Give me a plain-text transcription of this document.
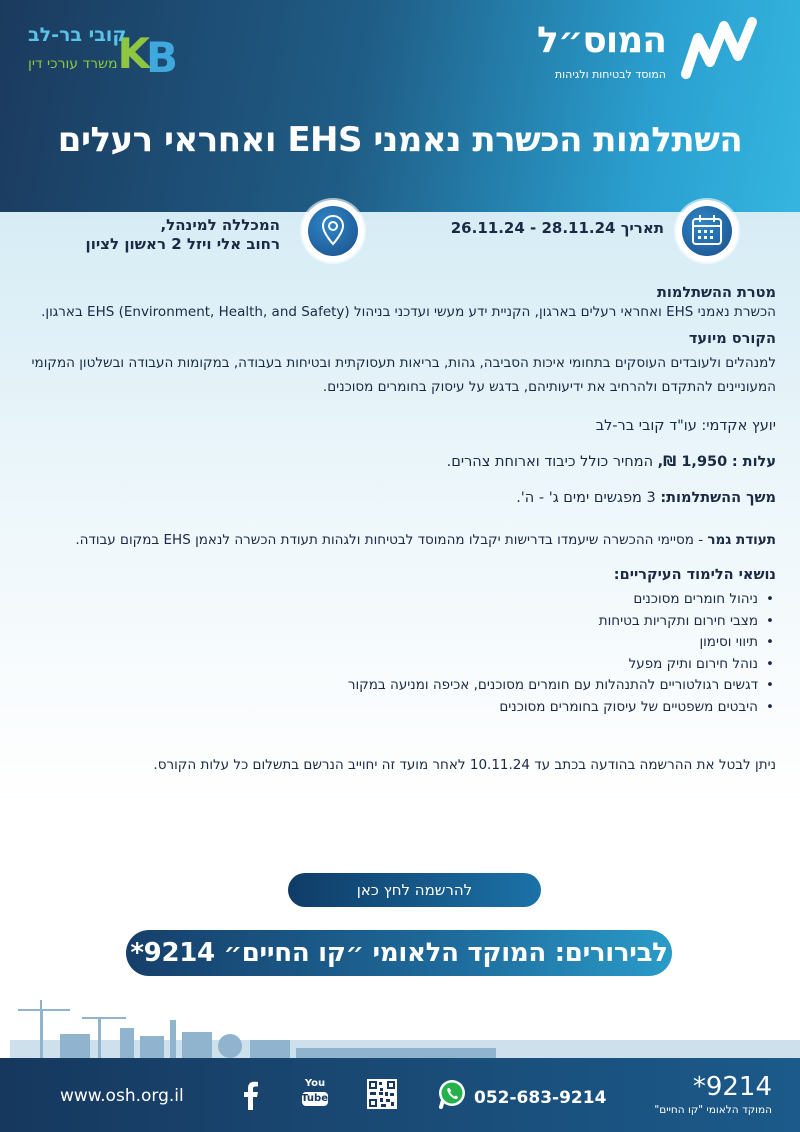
המוס״ל
המוסד לבטיחות ולגיהות
K
B
קובי בר-לב
משרד עורכי דין
השתלמות הכשרת נאמני EHS ואחראי רעלים
תאריך 28.11.24 - 26.11.24
המכללה למינהל,
רחוב אלי ויזל 2 ראשון לציון
מטרת ההשתלמות
הכשרת נאמני EHS ואחראי רעלים בארגון, הקניית ידע מעשי ועדכני בניהול EHS (Environment, Health, and Safety) בארגון.
הקורס מיועד
למנהלים ולעובדים העוסקים בתחומי איכות הסביבה, גהות, בריאות תעסוקתית ובטיחות בעבודה, במקומות העבודה ובשלטון המקומי המעוניינים להתקדם ולהרחיב את ידיעותיהם, בדגש על עיסוק בחומרים מסוכנים.
יועץ אקדמי: עו"ד קובי בר-לב
עלות : 1,950 ₪, המחיר כולל כיבוד וארוחת צהרים.
משך ההשתלמות: 3 מפגשים ימים ג' - ה'.
תעודת גמר - מסיימי ההכשרה שיעמדו בדרישות יקבלו מהמוסד לבטיחות ולגהות תעודת הכשרה לנאמן EHS במקום עבודה.
נושאי הלימוד העיקריים:
• ניהול חומרים מסוכנים
• מצבי חירום ותקריות בטיחות
• תיווי וסימון
• נוהל חירום ותיק מפעל
• דגשים רגולטוריים להתנהלות עם חומרים מסוכנים, אכיפה ומניעה במקור
• היבטים משפטיים של עיסוק בחומרים מסוכנים
ניתן לבטל את ההרשמה בהודעה בכתב עד 10.11.24 לאחר מועד זה יחוייב הנרשם בתשלום כל עלות הקורס.
להרשמה לחץ כאן
לבירורים: המוקד הלאומי ״קו החיים״ 9214*
www.osh.org.il
You
Tube	052-683-9214	*9214
המוקד הלאומי "קו החיים"
